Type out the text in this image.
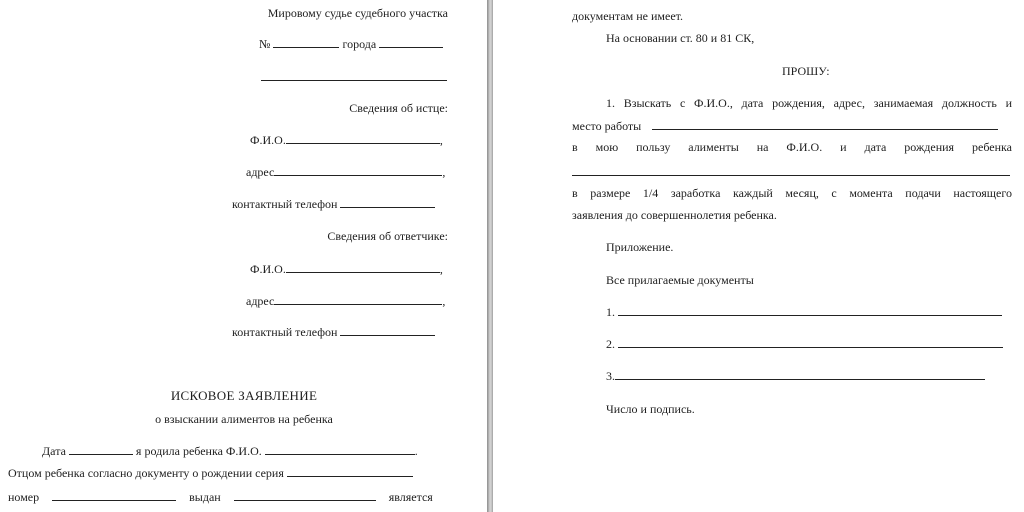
Мировому судье судебного участка
№	города
Сведения об истце:
Ф.И.О.	,
адрес	,
контактный телефон
Сведения об ответчике:
Ф.И.О.	,
адрес	,
контактный телефон
ИСКОВОЕ ЗАЯВЛЕНИЕ
о взыскании алиментов на ребенка
Дата	я родила ребенка Ф.И.О.	.
Отцом ребенка согласно документу о рождении серия
номер	выдан	является
документам не имеет.
На основании ст. 80 и 81 СК,
ПРОШУ:
1. Взыскать с Ф.И.О., дата рождения, адрес, занимаемая должность и
место работы
в мою пользу алименты на Ф.И.О. и дата рождения ребенка
в размере 1/4 заработка каждый месяц, с момента подачи настоящего
заявления до совершеннолетия ребенка.
Приложение.
Все прилагаемые документы
1.
2.
3.
Число и подпись.
